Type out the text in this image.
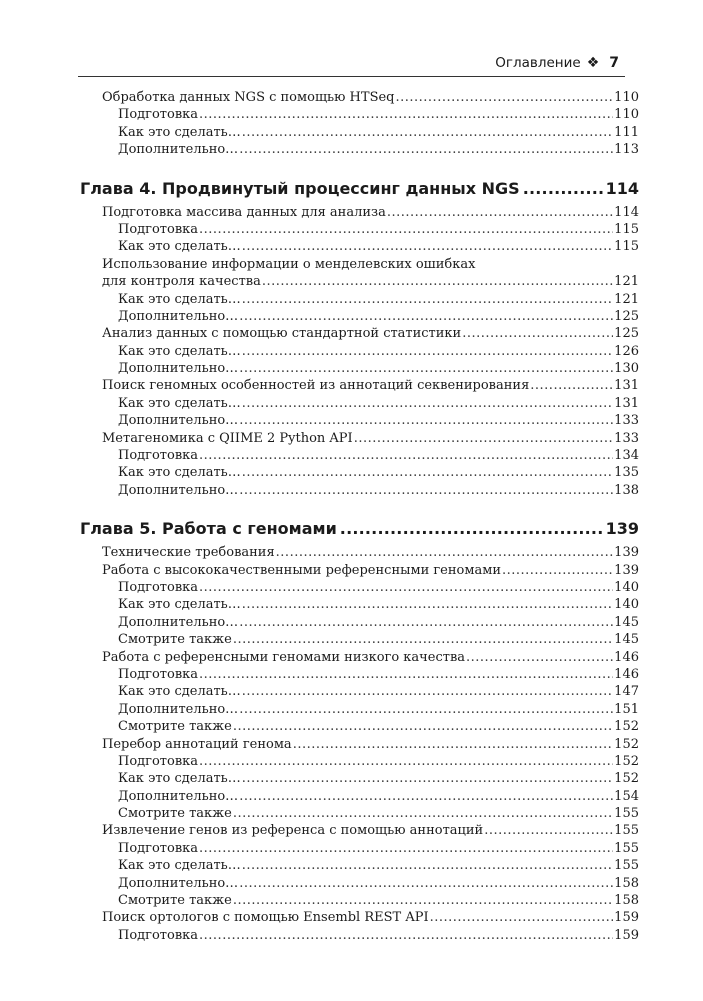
Оглавление ❖ 7
Обработка данных NGS с помощью HTSeq .....	110
Подготовка .....	110
Как это сделать… .....	111
Дополнительно… .....	113
Глава 4. Продвинутый процессинг данных NGS .....	114
Подготовка массива данных для анализа .....	114
Подготовка .....	115
Как это сделать… .....	115
Использование информации о менделевских ошибках
для контроля качества .....	121
Как это сделать… .....	121
Дополнительно… .....	125
Анализ данных с помощью стандартной статистики .....	125
Как это сделать… .....	126
Дополнительно… .....	130
Поиск геномных особенностей из аннотаций секвенирования .....	131
Как это сделать… .....	131
Дополнительно… .....	133
Метагеномика с QIIME 2 Python API .....	133
Подготовка .....	134
Как это сделать… .....	135
Дополнительно… .....	138
Глава 5. Работа с геномами .....	139
Технические требования .....	139
Работа с высококачественными референсными геномами .....	139
Подготовка .....	140
Как это сделать… .....	140
Дополнительно… .....	145
Смотрите также .....	145
Работа с референсными геномами низкого качества .....	146
Подготовка .....	146
Как это сделать… .....	147
Дополнительно… .....	151
Смотрите также .....	152
Перебор аннотаций генома .....	152
Подготовка .....	152
Как это сделать… .....	152
Дополнительно… .....	154
Смотрите также .....	155
Извлечение генов из референса с помощью аннотаций .....	155
Подготовка .....	155
Как это сделать… .....	155
Дополнительно… .....	158
Смотрите также .....	158
Поиск ортологов с помощью Ensembl REST API .....	159
Подготовка .....	159
